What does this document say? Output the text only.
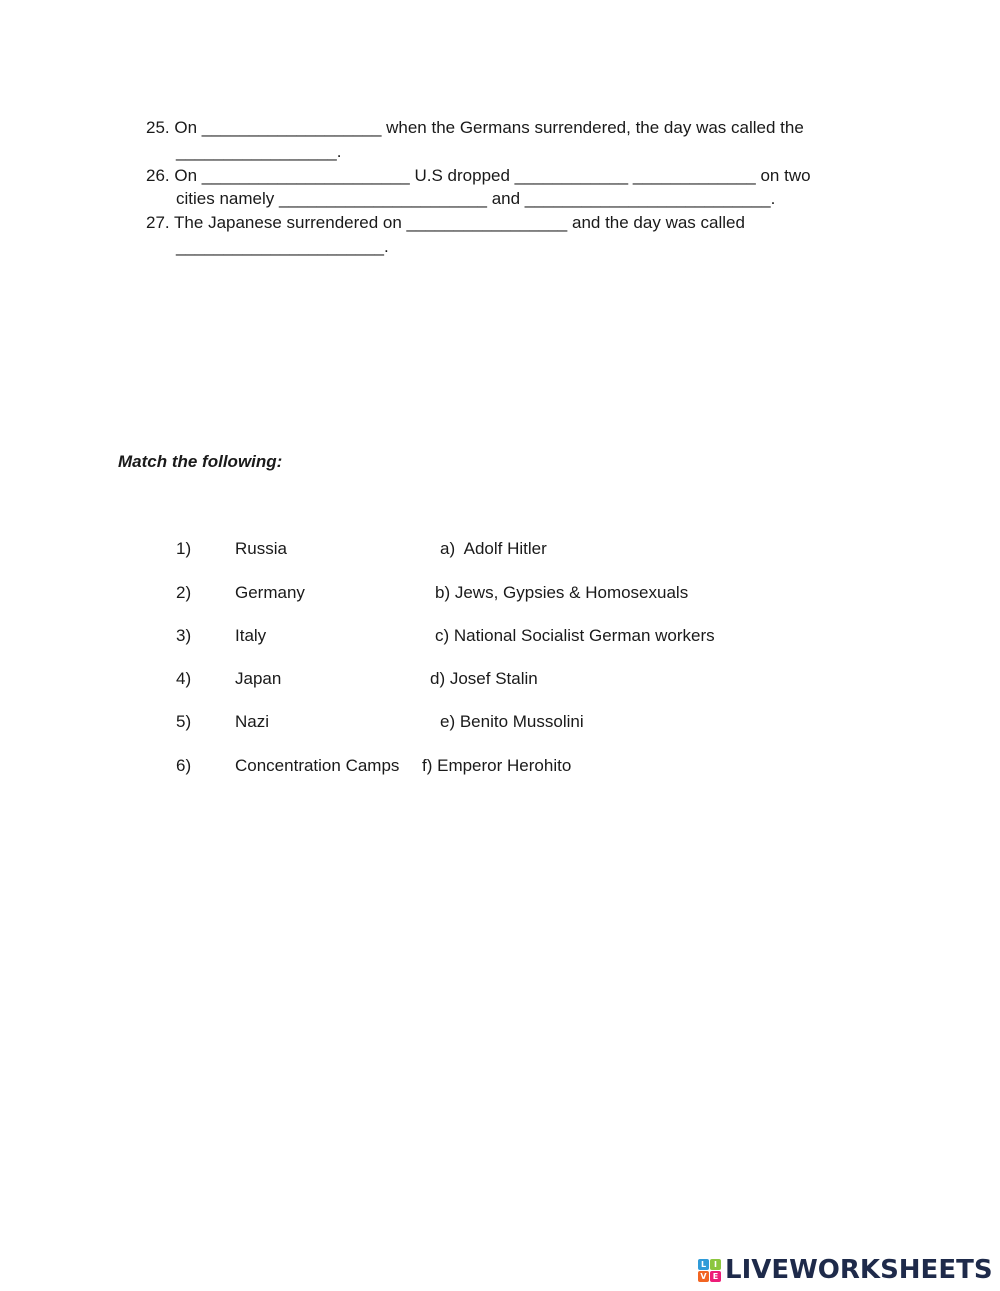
25. On ___________________ when the Germans surrendered, the day was called the
_________________.
26. On ______________________ U.S dropped ____________ _____________ on two
cities namely ______________________ and __________________________.
27. The Japanese surrendered on _________________ and the day was called
______________________.
Match the following:
1)	Russia	a)  Adolf Hitler
2)	Germany	b) Jews, Gypsies & Homosexuals
3)	Italy	c) National Socialist German workers
4)	Japan	d) Josef Stalin
5)	Nazi	e) Benito Mussolini
6)	Concentration Camps f) Emperor Herohito
L I
V E LIVEWORKSHEETS
